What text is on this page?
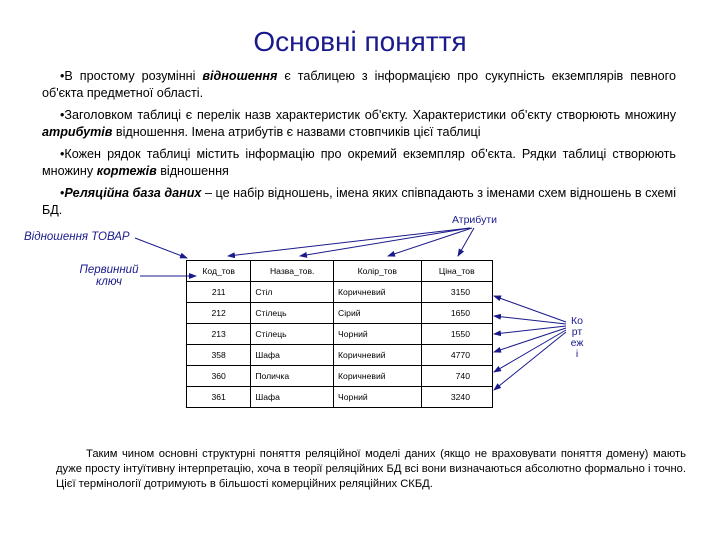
Основні поняття

•В простому розумінні відношення є таблицею з інформацією про сукупність екземплярів певного об'єкта предметної області.

•Заголовком таблиці є перелік назв характеристик об'єкту. Характеристики об'єкту створюють множину атрибутів відношення. Імена атрибутів є назвами стовпчиків цієї таблиці

•Кожен рядок таблиці містить інформацію про окремий екземпляр об'єкта. Рядки таблиці створюють множину кортежів відношення

•Реляційна база даних – це набір відношень, імена яких співпадають з іменами схем відношень в схемі БД.

Відношення ТОВАР
Первинний
ключ
Атрибути
Кортежі
Код_тов	Назва_тов.	Колір_тов	Ціна_тов
211	Стіл	Коричневий	3150
212	Стілець	Сірий	1650
213	Стілець	Чорний	1550
358	Шафа	Коричневий	4770
360	Поличка	Коричневий	740
361	Шафа	Чорний	3240

Таким чином основні структурні поняття реляційної моделі даних (якщо не враховувати поняття домену) мають дуже просту інтуїтивну інтерпретацію, хоча в теорії реляційних БД всі вони визначаються абсолютно формально і точно. Цієї термінології дотримують в більшості комерційних реляційних СКБД.
